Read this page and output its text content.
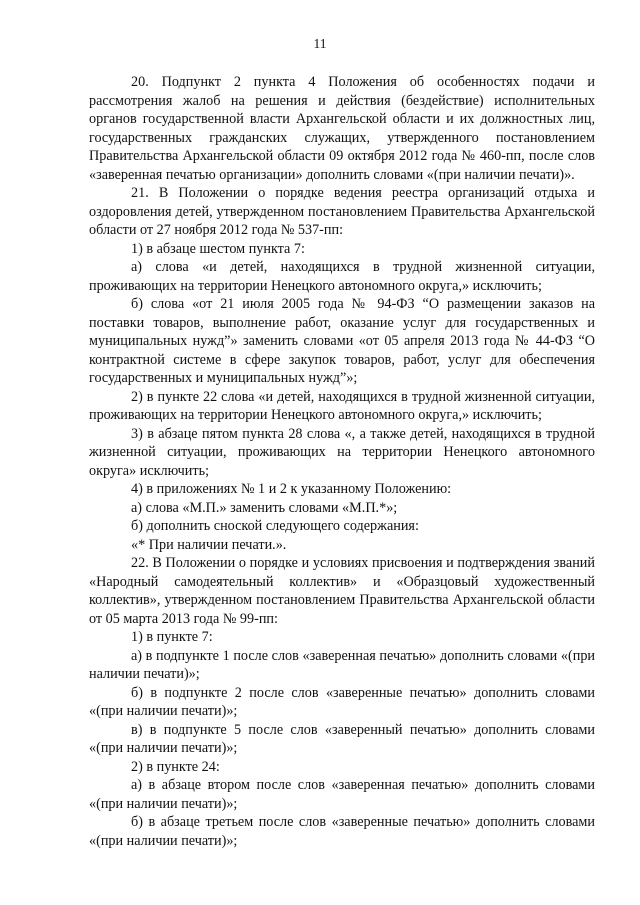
11

20. Подпункт 2 пункта 4 Положения об особенностях подачи и рассмотрения жалоб на решения и действия (бездействие) исполнительных органов государственной власти Архангельской области и их должностных лиц, государственных гражданских служащих, утвержденного постановлением Правительства Архангельской области 09 октября 2012 года № 460-пп, после слов «заверенная печатью организации» дополнить словами «(при наличии печати)».

21. В Положении о порядке ведения реестра организаций отдыха и оздоровления детей, утвержденном постановлением Правительства Архангельской области от 27 ноября 2012 года № 537-пп:

1) в абзаце шестом пункта 7:

а) слова «и детей, находящихся в трудной жизненной ситуации, проживающих на территории Ненецкого автономного округа,» исключить;

б) слова «от 21 июля 2005 года № 94-ФЗ “О размещении заказов на поставки товаров, выполнение работ, оказание услуг для государственных и муниципальных нужд”» заменить словами «от 05 апреля 2013 года № 44-ФЗ “О контрактной системе в сфере закупок товаров, работ, услуг для обеспечения государственных и муниципальных нужд”»;

2) в пункте 22 слова «и детей, находящихся в трудной жизненной ситуации, проживающих на территории Ненецкого автономного округа,» исключить;

3) в абзаце пятом пункта 28 слова «, а также детей, находящихся в трудной жизненной ситуации, проживающих на территории Ненецкого автономного округа» исключить;

4) в приложениях № 1 и 2 к указанному Положению:

а) слова «М.П.» заменить словами «М.П.*»;

б) дополнить сноской следующего содержания:

«* При наличии печати.».

22. В Положении о порядке и условиях присвоения и подтверждения званий «Народный самодеятельный коллектив» и «Образцовый художественный коллектив», утвержденном постановлением Правительства Архангельской области от 05 марта 2013 года № 99-пп:

1) в пункте 7:

а) в подпункте 1 после слов «заверенная печатью» дополнить словами «(при наличии печати)»;

б) в подпункте 2 после слов «заверенные печатью» дополнить словами «(при наличии печати)»;

в) в подпункте 5 после слов «заверенный печатью» дополнить словами «(при наличии печати)»;

2) в пункте 24:

а) в абзаце втором после слов «заверенная печатью» дополнить словами «(при наличии печати)»;

б) в абзаце третьем после слов «заверенные печатью» дополнить словами «(при наличии печати)»;
